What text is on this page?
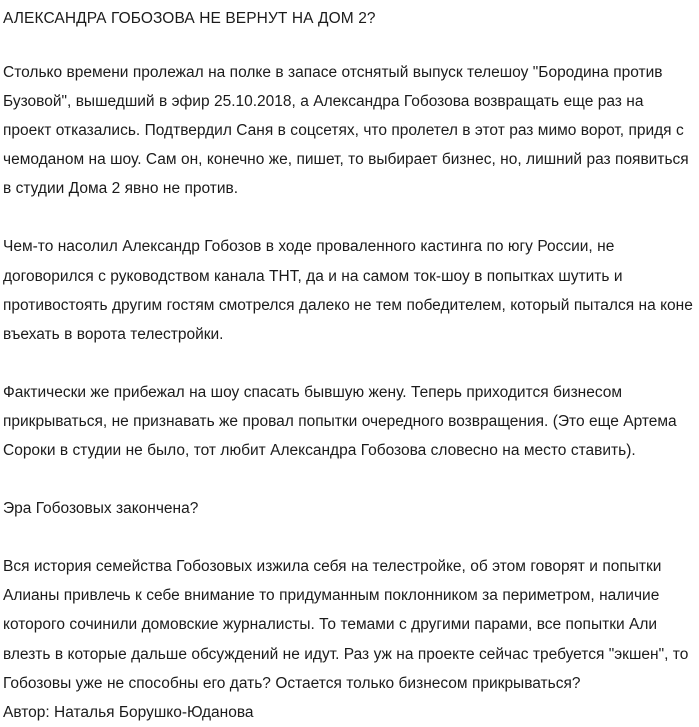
АЛЕКСАНДРА ГОБОЗОВА НЕ ВЕРНУТ НА ДОМ 2?

Столько времени пролежал на полке в запасе отснятый выпуск телешоу "Бородина против Бузовой", вышедший в эфир 25.10.2018, а Александра Гобозова возвращать еще раз на проект отказались. Подтвердил Саня в соцсетях, что пролетел в этот раз мимо ворот, придя с чемоданом на шоу. Сам он, конечно же, пишет, то выбирает бизнес, но, лишний раз появиться в студии Дома 2 явно не против.

Чем-то насолил Александр Гобозов в ходе проваленного кастинга по югу России, не договорился с руководством канала ТНТ, да и на самом ток-шоу в попытках шутить и противостоять другим гостям смотрелся далеко не тем победителем, который пытался на коне въехать в ворота телестройки.

Фактически же прибежал на шоу спасать бывшую жену. Теперь приходится бизнесом прикрываться, не признавать же провал попытки очередного возвращения. (Это еще Артема Сороки в студии не было, тот любит Александра Гобозова словесно на место ставить).

Эра Гобозовых закончена?

Вся история семейства Гобозовых изжила себя на телестройке, об этом говорят и попытки Алианы привлечь к себе внимание то придуманным поклонником за периметром, наличие которого сочинили домовские журналисты. То темами с другими парами, все попытки Али влезть в которые дальше обсуждений не идут. Раз уж на проекте сейчас требуется "экшен", то Гобозовы уже не способны его дать? Остается только бизнесом прикрываться?

Автор: Наталья Борушко-Юданова
